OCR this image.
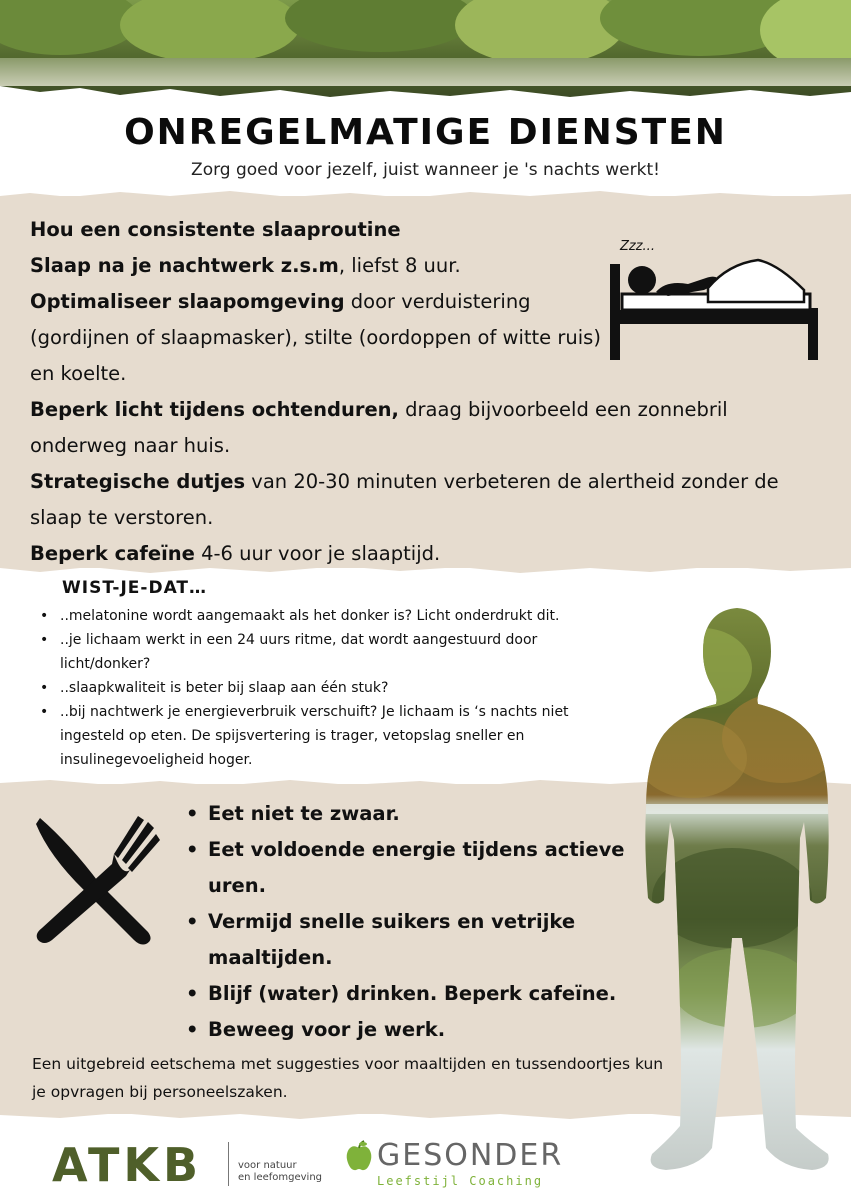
ONREGELMATIGE DIENSTEN
Zorg goed voor jezelf, juist wanneer je 's nachts werkt!
Hou een consistente slaaproutine
Slaap na je nachtwerk z.s.m, liefst 8 uur.
Optimaliseer slaapomgeving door verduistering (gordijnen of slaapmasker), stilte (oordoppen of witte ruis) en koelte.
Beperk licht tijdens ochtenduren, draag bijvoorbeeld een zonnebril onderweg naar huis.
Strategische dutjes van 20-30 minuten verbeteren de alertheid zonder de slaap te verstoren.
Beperk cafeïne 4-6 uur voor je slaaptijd.
Zzz...
WIST-JE-DAT…
• ..melatonine wordt aangemaakt als het donker is? Licht onderdrukt dit.
• ..je lichaam werkt in een 24 uurs ritme, dat wordt aangestuurd door licht/donker?
• ..slaapkwaliteit is beter bij slaap aan één stuk?
• ..bij nachtwerk je energieverbruik verschuift? Je lichaam is ‘s nachts niet ingesteld op eten. De spijsvertering is trager, vetopslag sneller en insulinegevoeligheid hoger.
• Eet niet te zwaar.
• Eet voldoende energie tijdens actieve uren.
• Vermijd snelle suikers en vetrijke maaltijden.
• Blijf (water) drinken. Beperk cafeïne.
• Beweeg voor je werk.
Een uitgebreid eetschema met suggesties voor maaltijden en tussendoortjes kun je opvragen bij personeelszaken.
ATKB	voor natuur
en leefomgeving
GESONDER
Leefstijl Coaching
